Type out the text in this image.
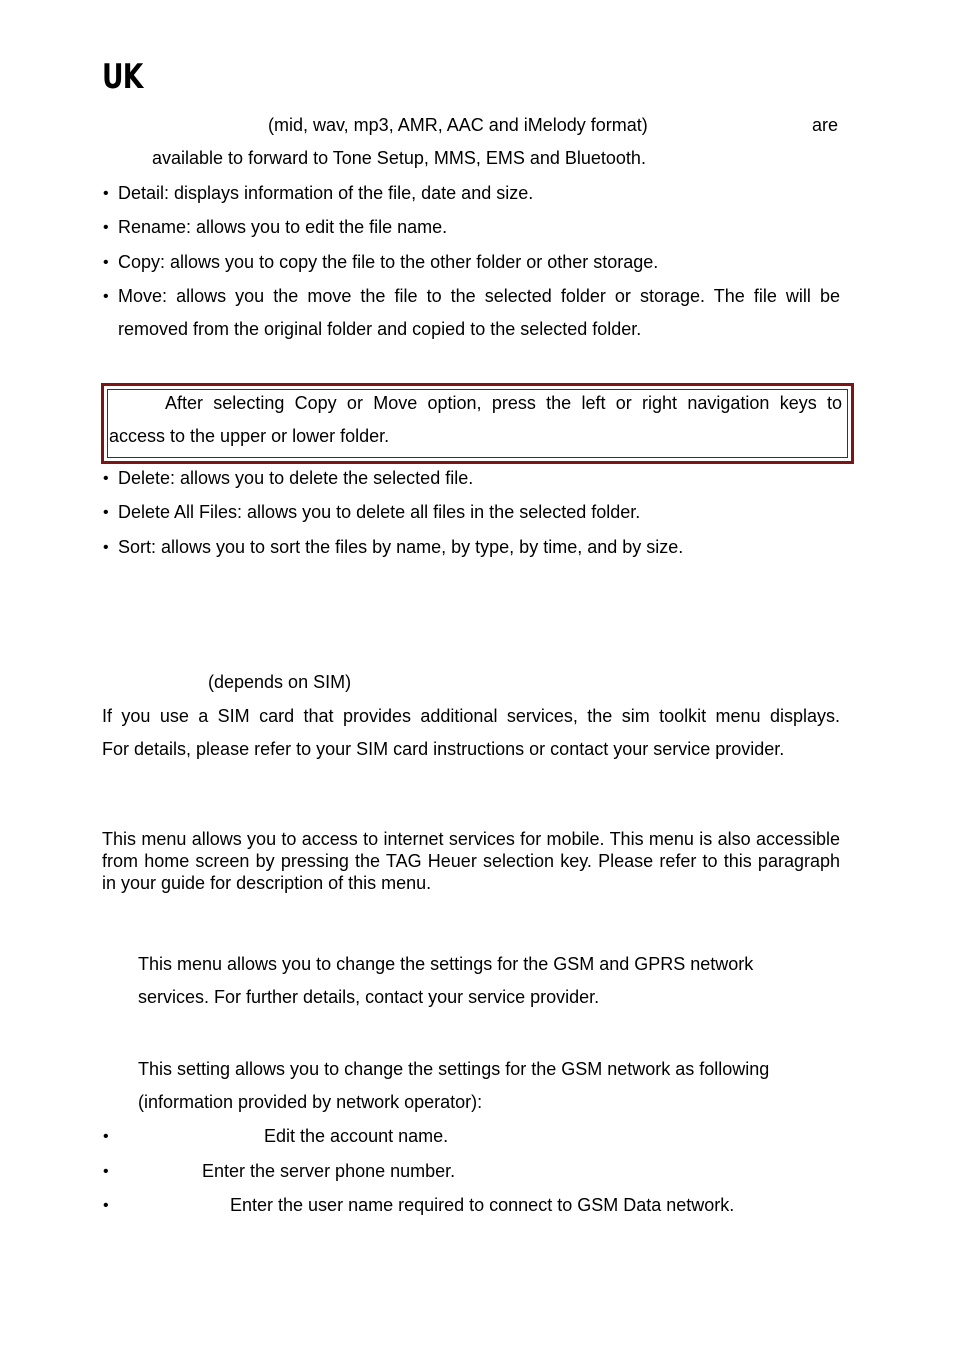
UK
(mid, wav, mp3, AMR, AAC and iMelody format)	are
available to forward to Tone Setup, MMS, EMS and Bluetooth.
• Detail: displays information of the file, date and size.
• Rename: allows you to edit the file name.
• Copy: allows you to copy the file to the other folder or other storage.
• Move: allows you the move the file to the selected folder or storage. The file will be
removed from the original folder and copied to the selected folder.
After selecting Copy or Move option, press the left or right navigation keys to
access to the upper or lower folder.
• Delete: allows you to delete the selected file.
• Delete All Files: allows you to delete all files in the selected folder.
• Sort: allows you to sort the files by name, by type, by time, and by size.
(depends on SIM)
If you use a SIM card that provides additional services, the sim toolkit menu displays.
For details, please refer to your SIM card instructions or contact your service provider.
This menu allows you to access to internet services for mobile. This menu is also accessible from home screen by pressing the TAG Heuer selection key. Please refer to this paragraph in your guide for description of this menu.
This menu allows you to change the settings for the GSM and GPRS network
services. For further details, contact your service provider.
This setting allows you to change the settings for the GSM network as following
(information provided by network operator):
•	Edit the account name.
•	Enter the server phone number.
•	Enter the user name required to connect to GSM Data network.
